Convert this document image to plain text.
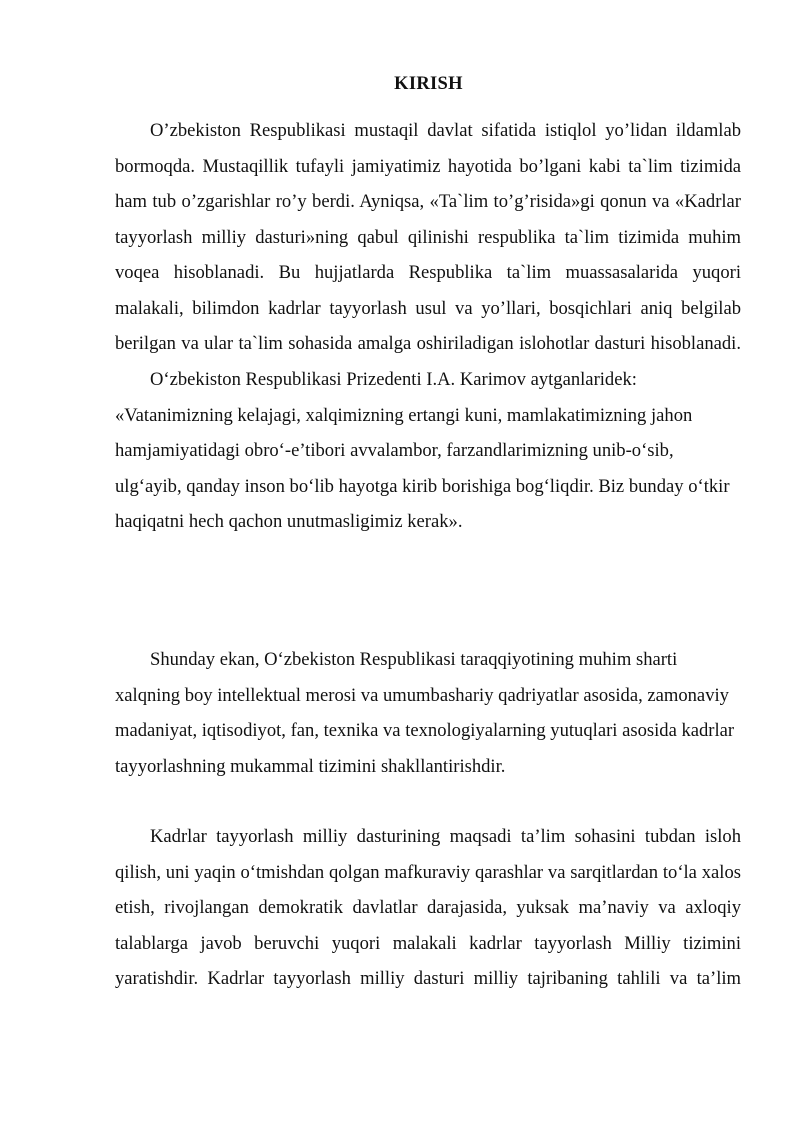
KIRISH
O’zbekiston Respublikasi mustaqil davlat sifatida istiqlol yo’lidan ildamlab
bormoqda. Mustaqillik tufayli jamiyatimiz hayotida bo’lgani kabi ta`lim tizimida
ham tub o’zgarishlar ro’y berdi. Ayniqsa, «Ta`lim to’g’risida»gi qonun va «Kadrlar
tayyorlash milliy dasturi»ning qabul qilinishi respublika ta`lim tizimida muhim
voqea hisoblanadi. Bu hujjatlarda Respublika ta`lim muassasalarida yuqori
malakali, bilimdon kadrlar tayyorlash usul va yo’llari, bosqichlari aniq belgilab
berilgan va ular ta`lim sohasida amalga oshiriladigan islohotlar dasturi hisoblanadi.
O‘zbekiston Respublikasi Prizedenti I.A. Karimov aytganlaridek:
«Vatanimizning kelajagi, xalqimizning ertangi kuni, mamlakatimizning jahon
hamjamiyatidagi obro‘-e’tibori avvalambor, farzandlarimizning unib-o‘sib,
ulg‘ayib, qanday inson bo‘lib hayotga kirib borishiga bog‘liqdir. Biz bunday o‘tkir
haqiqatni hech qachon unutmasligimiz kerak».
Shunday ekan, O‘zbekiston Respublikasi taraqqiyotining muhim sharti
xalqning boy intellektual merosi va umumbashariy qadriyatlar asosida, zamonaviy
madaniyat, iqtisodiyot, fan, texnika va texnologiyalarning yutuqlari asosida kadrlar
tayyorlashning mukammal tizimini shakllantirishdir.
Kadrlar tayyorlash milliy dasturining maqsadi ta’lim sohasini tubdan isloh
qilish, uni yaqin o‘tmishdan qolgan mafkuraviy qarashlar va sarqitlardan to‘la xalos
etish, rivojlangan demokratik davlatlar darajasida, yuksak ma’naviy va axloqiy
talablarga javob beruvchi yuqori malakali kadrlar tayyorlash Milliy tizimini
yaratishdir. Kadrlar tayyorlash milliy dasturi milliy tajribaning tahlili va ta’lim
